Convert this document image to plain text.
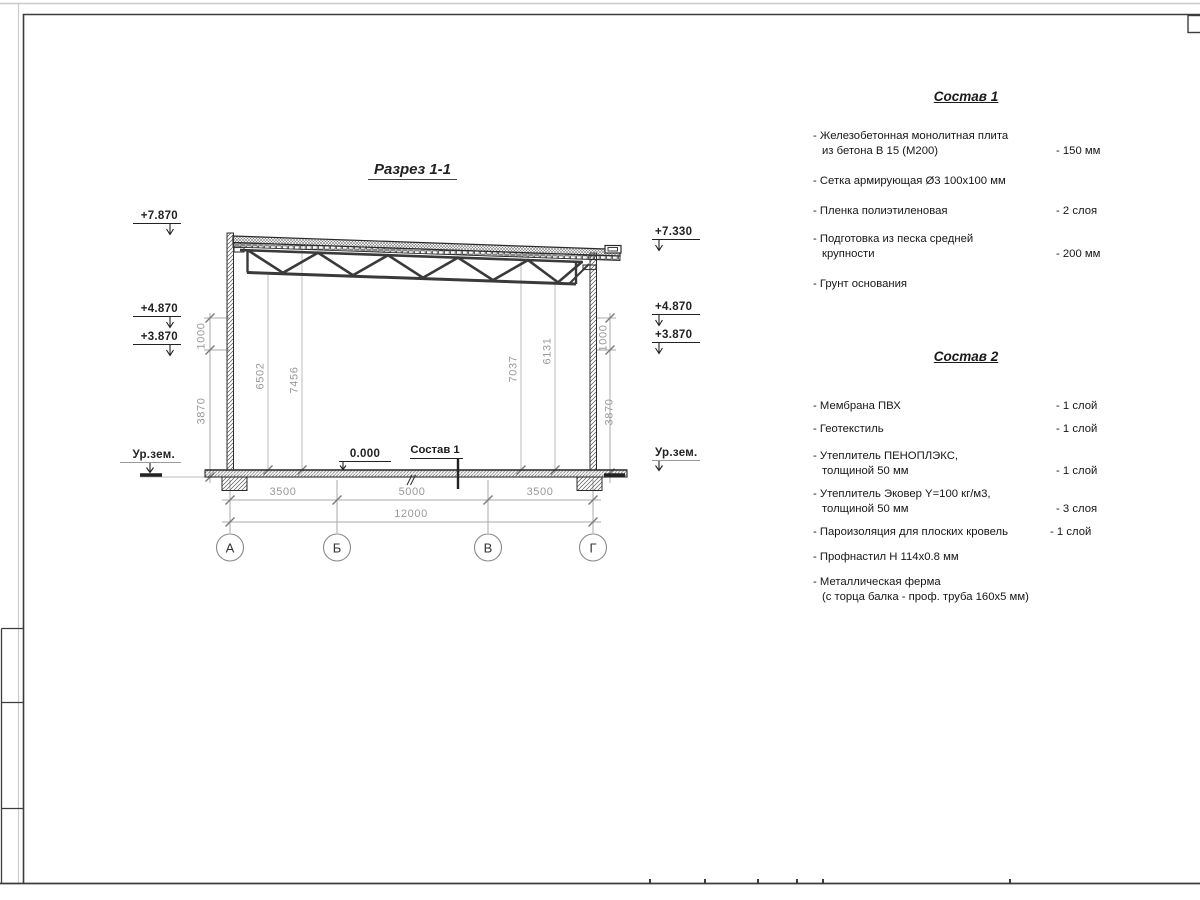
Разрез 1-1
+7.870
+4.870
+3.870
Ур.зем.
+7.330
+4.870
+3.870
Ур.зем.
0.000	Состав 1
3500	5000	3500
12000
1000
3870
1000
3870
6502 7456	7037
6131
А	Б	В	Г
Состав 1
- Железобетонная монолитная плита
из бетона В 15 (М200)	- 150 мм
- Сетка армирующая Ø3 100х100 мм
- Пленка полиэтиленовая	- 2 слоя
- Подготовка из песка средней
крупности	- 200 мм
- Грунт основания
Состав 2
- Мембрана ПВХ	- 1 слой
- Геотекстиль	- 1 слой
- Утеплитель ПЕНОПЛЭКС,
толщиной 50 мм	- 1 слой
- Утеплитель Эковер Y=100 кг/м3,
толщиной 50 мм	- 3 слоя
- Пароизоляция для плоских кровель	- 1 слой
- Профнастил Н 114х0.8 мм
- Металлическая ферма
(с торца балка - проф. труба 160х5 мм)
